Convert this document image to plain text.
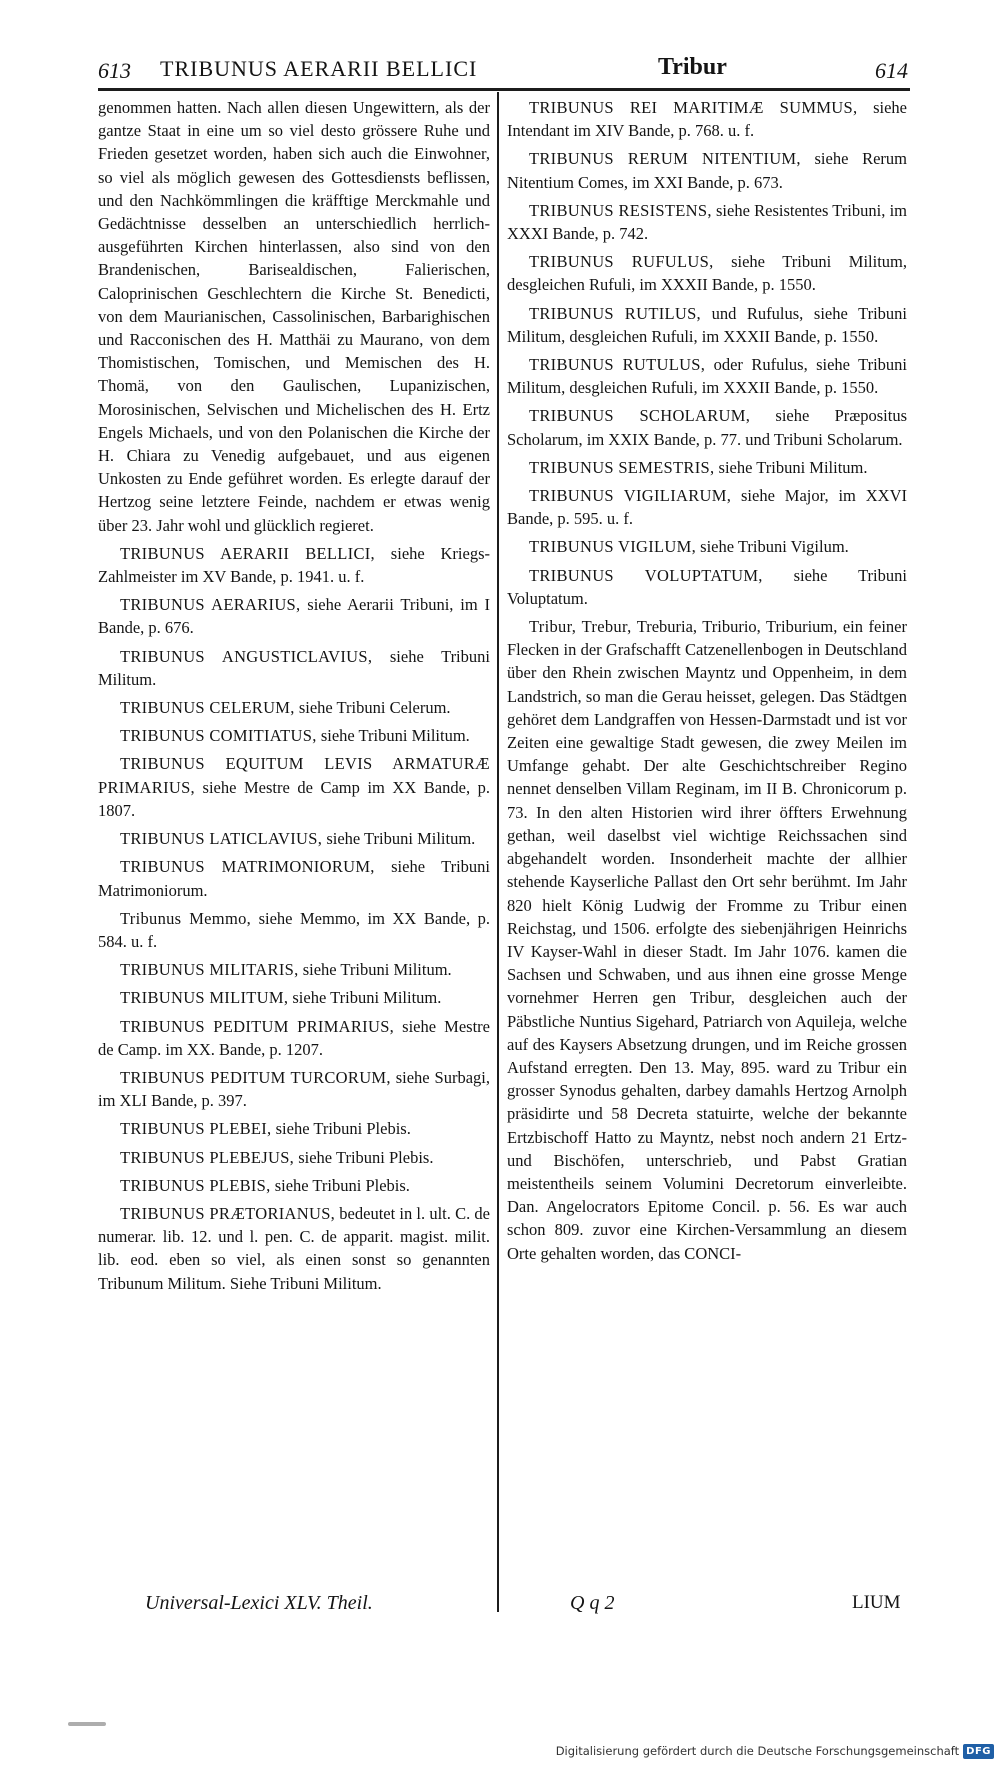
613 TRIBUNUS AERARII BELLICI	Tribur	614

genommen hatten. Nach allen diesen Ungewittern, als der gantze Staat in eine um so viel desto grössere Ruhe und Frieden gesetzet worden, haben sich auch die Einwohner, so viel als möglich gewesen des Gottesdiensts beflissen, und den Nachkömmlingen die kräfftige Merckmahle und Gedächtnisse desselben an unterschiedlich herrlich-ausgeführten Kirchen hinterlassen, also sind von den Brandenischen, Barisealdischen, Falierischen, Caloprinischen Geschlechtern die Kirche St. Benedicti, von dem Maurianischen, Cassolinischen, Barbarighischen und Racconischen des H. Matthäi zu Maurano, von dem Thomistischen, Tomischen, und Memischen des H. Thomä, von den Gaulischen, Lupanizischen, Morosinischen, Selvischen und Michelischen des H. Ertz Engels Michaels, und von den Polanischen die Kirche der H. Chiara zu Venedig aufgebauet, und aus eigenen Unkosten zu Ende geführet worden. Es erlegte darauf der Hertzog seine letztere Feinde, nachdem er etwas wenig über 23. Jahr wohl und glücklich regieret.

TRIBUNUS AERARII BELLICI, siehe Kriegs-Zahlmeister im XV Bande, p. 1941. u. f.

TRIBUNUS AERARIUS, siehe Aerarii Tribuni, im I Bande, p. 676.

TRIBUNUS ANGUSTICLAVIUS, siehe Tribuni Militum.

TRIBUNUS CELERUM, siehe Tribuni Celerum.

TRIBUNUS COMITIATUS, siehe Tribuni Militum.

TRIBUNUS EQUITUM LEVIS ARMATURÆ PRIMARIUS, siehe Mestre de Camp im XX Bande, p. 1807.

TRIBUNUS LATICLAVIUS, siehe Tribuni Militum.

TRIBUNUS MATRIMONIORUM, siehe Tribuni Matrimoniorum.

Tribunus Memmo, siehe Memmo, im XX Bande, p. 584. u. f.

TRIBUNUS MILITARIS, siehe Tribuni Militum.

TRIBUNUS MILITUM, siehe Tribuni Militum.

TRIBUNUS PEDITUM PRIMARIUS, siehe Mestre de Camp. im XX. Bande, p. 1207.

TRIBUNUS PEDITUM TURCORUM, siehe Surbagi, im XLI Bande, p. 397.

TRIBUNUS PLEBEI, siehe Tribuni Plebis.

TRIBUNUS PLEBEJUS, siehe Tribuni Plebis.

TRIBUNUS PLEBIS, siehe Tribuni Plebis.

TRIBUNUS PRÆTORIANUS, bedeutet in l. ult. C. de numerar. lib. 12. und l. pen. C. de apparit. magist. milit. lib. eod. eben so viel, als einen sonst so genannten Tribunum Militum. Siehe Tribuni Militum.

TRIBUNUS REI MARITIMÆ SUMMUS, siehe Intendant im XIV Bande, p. 768. u. f.

TRIBUNUS RERUM NITENTIUM, siehe Rerum Nitentium Comes, im XXI Bande, p. 673.

TRIBUNUS RESISTENS, siehe Resistentes Tribuni, im XXXI Bande, p. 742.

TRIBUNUS RUFULUS, siehe Tribuni Militum, desgleichen Rufuli, im XXXII Bande, p. 1550.

TRIBUNUS RUTILUS, und Rufulus, siehe Tribuni Militum, desgleichen Rufuli, im XXXII Bande, p. 1550.

TRIBUNUS RUTULUS, oder Rufulus, siehe Tribuni Militum, desgleichen Rufuli, im XXXII Bande, p. 1550.

TRIBUNUS SCHOLARUM, siehe Præpositus Scholarum, im XXIX Bande, p. 77. und Tribuni Scholarum.

TRIBUNUS SEMESTRIS, siehe Tribuni Militum.

TRIBUNUS VIGILIARUM, siehe Major, im XXVI Bande, p. 595. u. f.

TRIBUNUS VIGILUM, siehe Tribuni Vigilum.

TRIBUNUS VOLUPTATUM, siehe Tribuni Voluptatum.

Tribur, Trebur, Treburia, Triburio, Triburium, ein feiner Flecken in der Grafschafft Catzenellenbogen in Deutschland über den Rhein zwischen Mayntz und Oppenheim, in dem Landstrich, so man die Gerau heisset, gelegen. Das Städtgen gehöret dem Landgraffen von Hessen-Darmstadt und ist vor Zeiten eine gewaltige Stadt gewesen, die zwey Meilen im Umfange gehabt. Der alte Geschichtschreiber Regino nennet denselben Villam Reginam, im II B. Chronicorum p. 73. In den alten Historien wird ihrer öffters Erwehnung gethan, weil daselbst viel wichtige Reichssachen sind abgehandelt worden. Insonderheit machte der allhier stehende Kayserliche Pallast den Ort sehr berühmt. Im Jahr 820 hielt König Ludwig der Fromme zu Tribur einen Reichstag, und 1506. erfolgte des siebenjährigen Heinrichs IV Kayser-Wahl in dieser Stadt. Im Jahr 1076. kamen die Sachsen und Schwaben, und aus ihnen eine grosse Menge vornehmer Herren gen Tribur, desgleichen auch der Päbstliche Nuntius Sigehard, Patriarch von Aquileja, welche auf des Kaysers Absetzung drungen, und im Reiche grossen Aufstand erregten. Den 13. May, 895. ward zu Tribur ein grosser Synodus gehalten, darbey damahls Hertzog Arnolph präsidirte und 58 Decreta statuirte, welche der bekannte Ertzbischoff Hatto zu Mayntz, nebst noch andern 21 Ertz- und Bischöfen, unterschrieb, und Pabst Gratian meistentheils seinem Volumini Decretorum einverleibte. Dan. Angelocrators Epitome Concil. p. 56. Es war auch schon 809. zuvor eine Kirchen-Versammlung an diesem Orte gehalten worden, das CONCI-

Universal-Lexici XLV. Theil.	Q q 2	LIUM
Digitalisierung gefördert durch die Deutsche Forschungsgemeinschaft DFG
